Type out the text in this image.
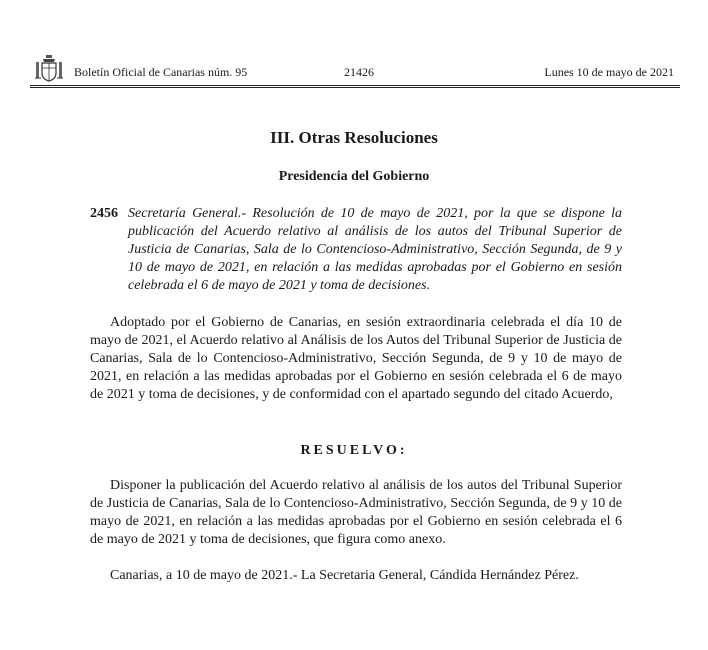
Boletín Oficial de Canarias núm. 95	21426	Lunes 10 de mayo de 2021
III. Otras Resoluciones
Presidencia del Gobierno
2456 Secretaría General.- Resolución de 10 de mayo de 2021, por la que se dispone la publicación del Acuerdo relativo al análisis de los autos del Tribunal Superior de Justicia de Canarias, Sala de lo Contencioso-Administrativo, Sección Segunda, de 9 y 10 de mayo de 2021, en relación a las medidas aprobadas por el Gobierno en sesión celebrada el 6 de mayo de 2021 y toma de decisiones.
Adoptado por el Gobierno de Canarias, en sesión extraordinaria celebrada el día 10 de mayo de 2021, el Acuerdo relativo al Análisis de los Autos del Tribunal Superior de Justicia de Canarias, Sala de lo Contencioso-Administrativo, Sección Segunda, de 9 y 10 de mayo de 2021, en relación a las medidas aprobadas por el Gobierno en sesión celebrada el 6 de mayo de 2021 y toma de decisiones, y de conformidad con el apartado segundo del citado Acuerdo,
RESUELVO:
Disponer la publicación del Acuerdo relativo al análisis de los autos del Tribunal Superior de Justicia de Canarias, Sala de lo Contencioso-Administrativo, Sección Segunda, de 9 y 10 de mayo de 2021, en relación a las medidas aprobadas por el Gobierno en sesión celebrada el 6 de mayo de 2021 y toma de decisiones, que figura como anexo.
Canarias, a 10 de mayo de 2021.- La Secretaria General, Cándida Hernández Pérez.
